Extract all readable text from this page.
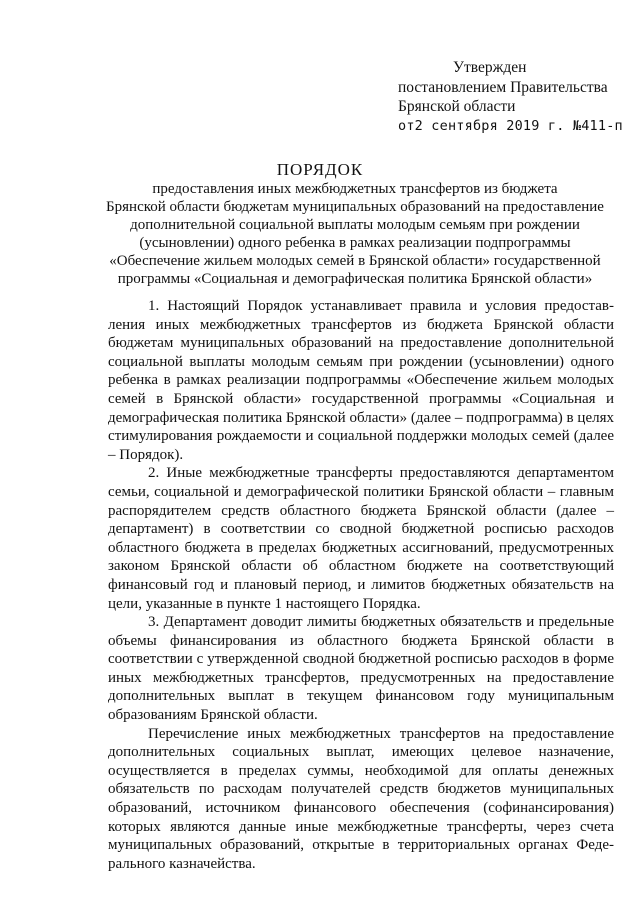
Утвержден
постановлением Правительства
Брянской области
от2 сентября 2019 г. №411-п
ПОРЯДОК
предоставления иных межбюджетных трансфертов из бюджета
Брянской области бюджетам муниципальных образований на предоставление
дополнительной социальной выплаты молодым семьям при рождении
(усыновлении) одного ребенка в рамках реализации подпрограммы
«Обеспечение жильем молодых семей в Брянской области» государственной
программы «Социальная и демографическая политика Брянской области»

1. Настоящий Порядок устанавливает правила и условия предоставления иных межбюджетных трансфертов из бюджета Брянской области бюджетам муниципальных образований на предоставление дополнительной социальной выплаты молодым семьям при рождении (усыновлении) одного ребенка в рамках реализации подпрограммы «Обеспечение жильем молодых семей в Брянской области» государственной программы «Социальная и демографическая политика Брянской области» (далее – подпрограмма) в целях стимулирования рождаемости и социальной поддержки молодых семей (далее – Порядок).

2. Иные межбюджетные трансферты предоставляются департаментом семьи, социальной и демографической политики Брянской области – главным распорядителем средств областного бюджета Брянской области (далее – департамент) в соответствии со сводной бюджетной росписью расходов областного бюджета в пределах бюджетных ассигнований, предусмотренных законом Брянской области об областном бюджете на соответствующий финансовый год и плановый период, и лимитов бюджетных обязательств на цели, указанные в пункте 1 настоящего Порядка.

3. Департамент доводит лимиты бюджетных обязательств и предельные объемы финансирования из областного бюджета Брянской области в соответствии с утвержденной сводной бюджетной росписью расходов в форме иных межбюджетных трансфертов, предусмотренных на предоставление дополнительных выплат в текущем финансовом году муниципальным образованиям Брянской области.

Перечисление иных межбюджетных трансфертов на предоставление дополнительных социальных выплат, имеющих целевое назначение, осуществляется в пределах суммы, необходимой для оплаты денежных обязательств по расходам получателей средств бюджетов муниципальных образований, источником финансового обеспечения (софинансирования) которых являются данные иные межбюджетные трансферты, через счета муниципальных образований, открытые в территориальных органах Федерального казначейства.
